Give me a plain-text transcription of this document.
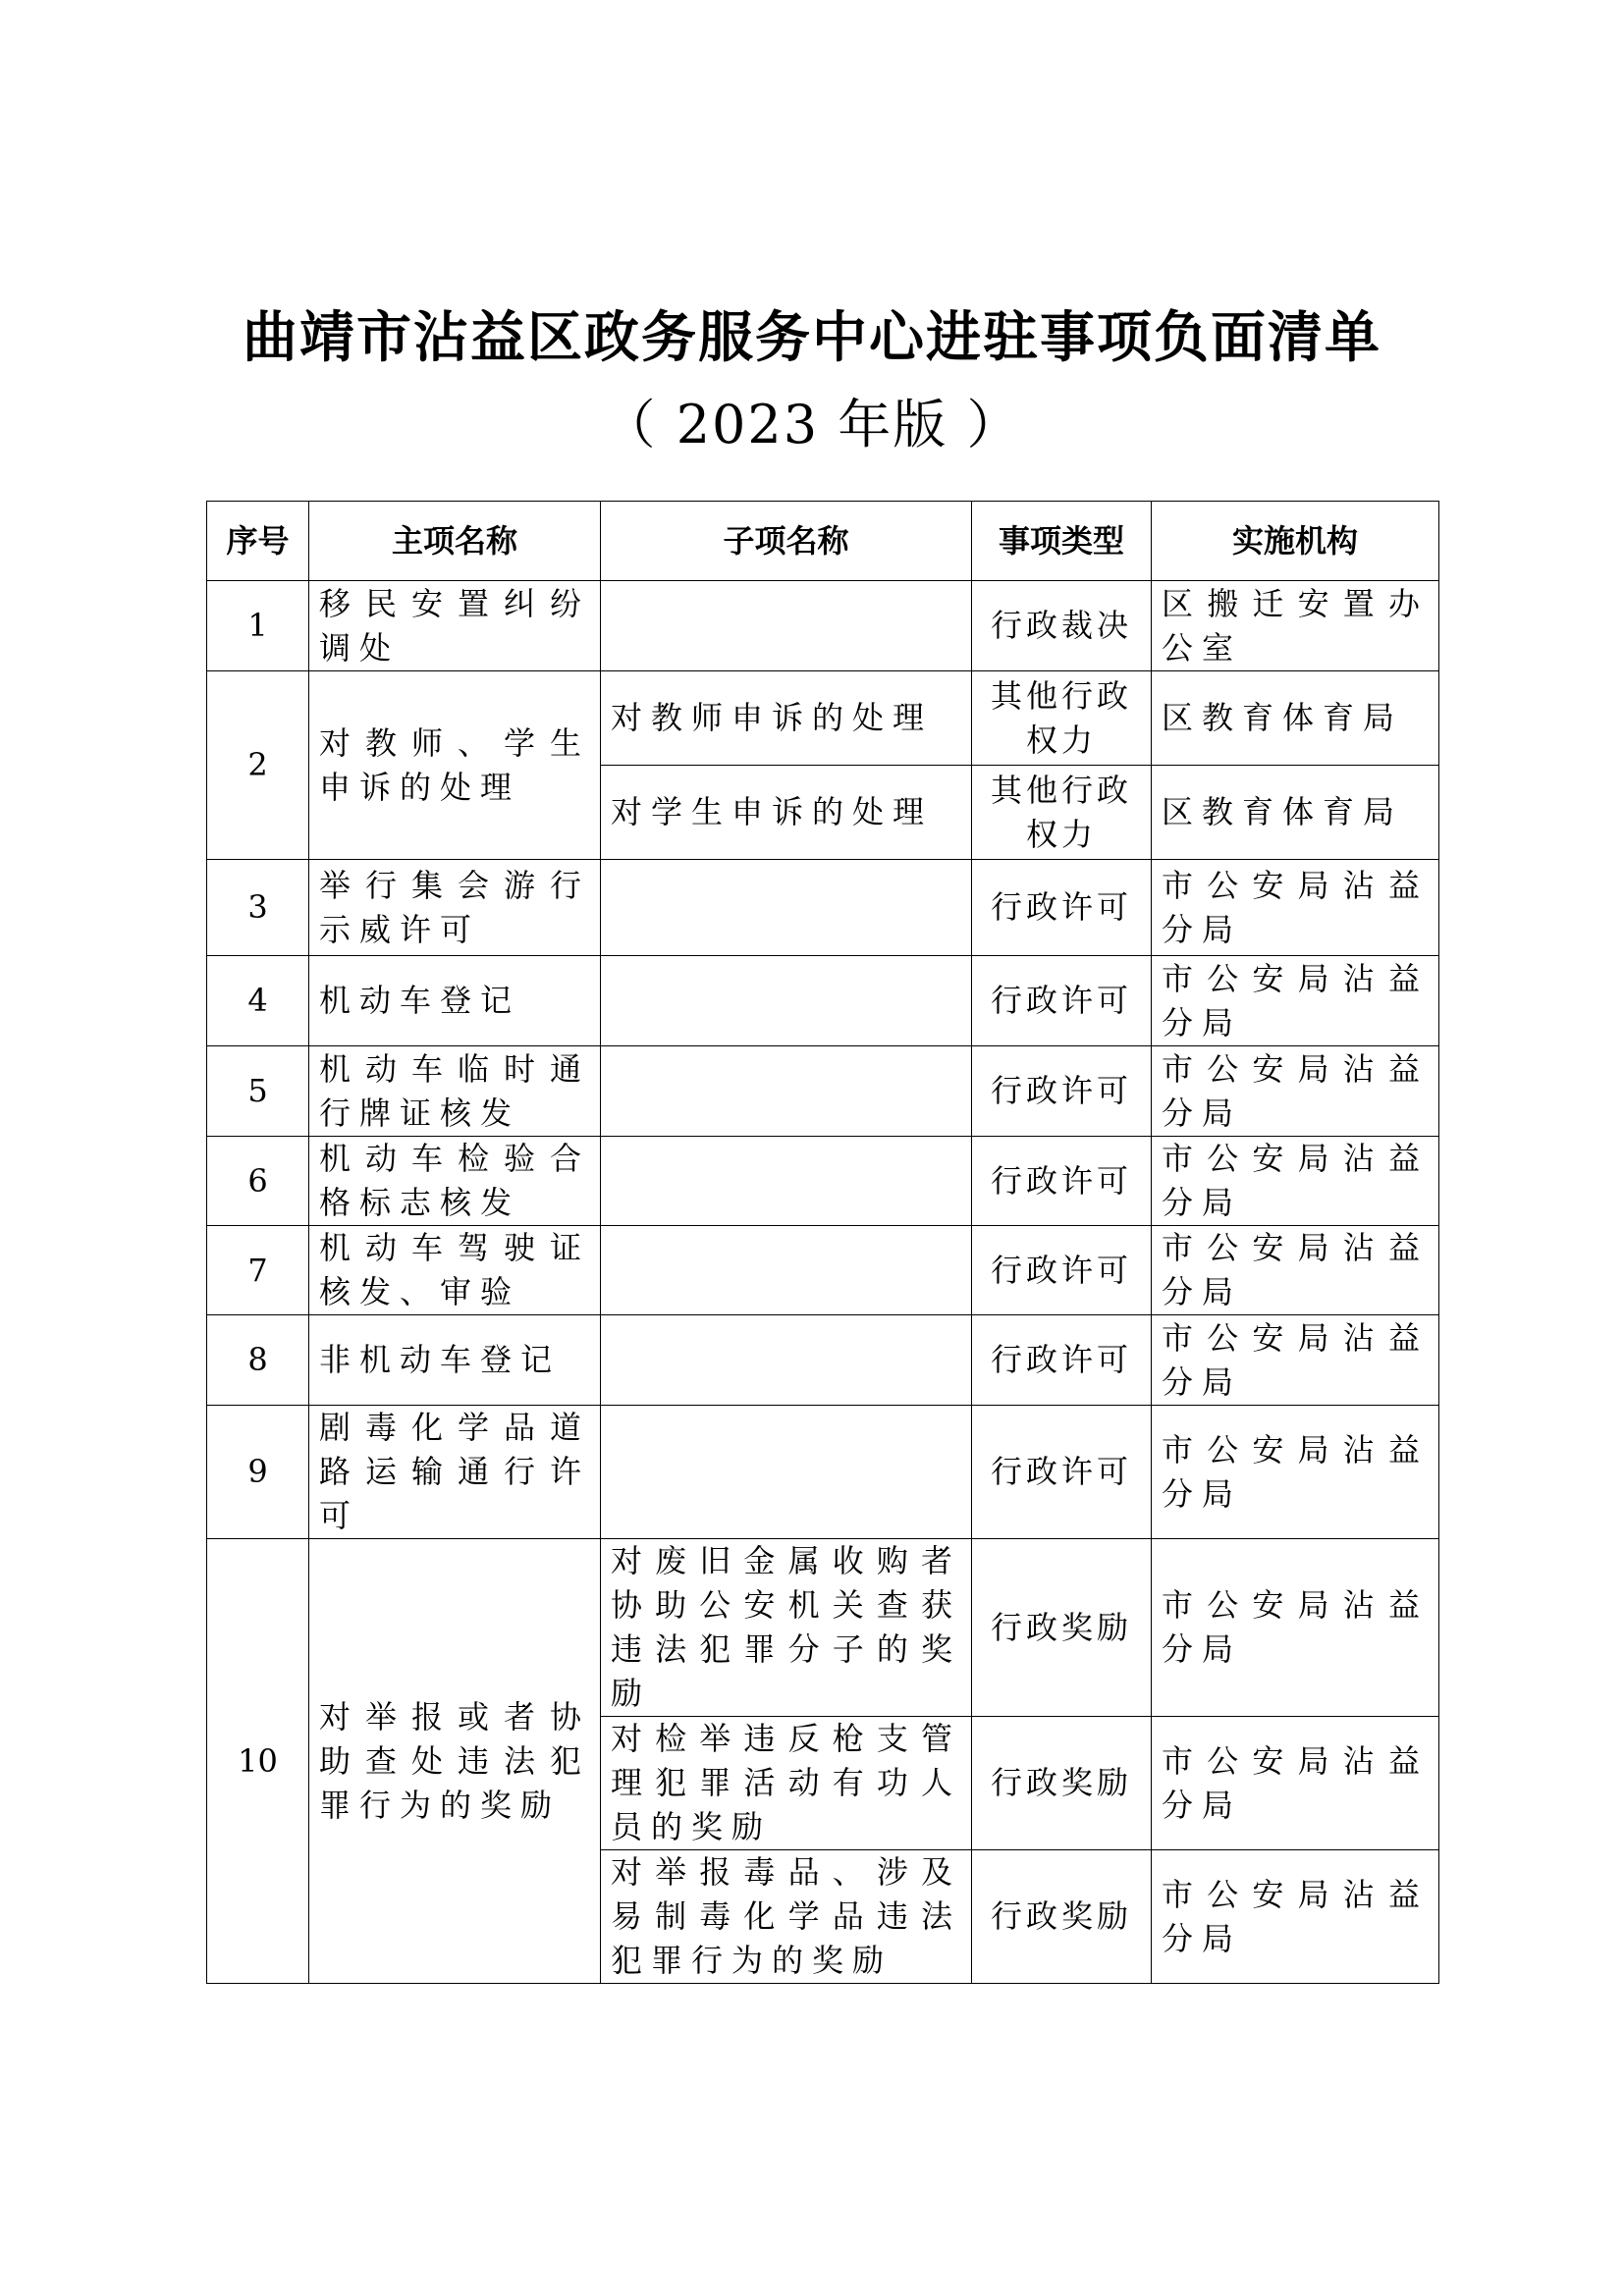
曲靖市沾益区政务服务中心进驻事项负面清单
（ 2023 年版 ）
序号	主项名称	子项名称	事项类型	实施机构
1	移民安置纠纷调处		行政裁决	区搬迁安置办公室
2	对教师、学生申诉的处理	对教师申诉的处理	其他行政权力	区教育体育局
		对学生申诉的处理	其他行政权力	区教育体育局
3	举行集会游行示威许可		行政许可	市公安局沾益分局
4	机动车登记		行政许可	市公安局沾益分局
5	机动车临时通行牌证核发		行政许可	市公安局沾益分局
6	机动车检验合格标志核发		行政许可	市公安局沾益分局
7	机动车驾驶证核发、审验		行政许可	市公安局沾益分局
8	非机动车登记		行政许可	市公安局沾益分局
9	剧毒化学品道路运输通行许可		行政许可	市公安局沾益分局
10	对举报或者协助查处违法犯罪行为的奖励	对废旧金属收购者协助公安机关查获违法犯罪分子的奖励	行政奖励	市公安局沾益分局
		对检举违反枪支管理犯罪活动有功人员的奖励	行政奖励	市公安局沾益分局
		对举报毒品、涉及易制毒化学品违法犯罪行为的奖励	行政奖励	市公安局沾益分局
